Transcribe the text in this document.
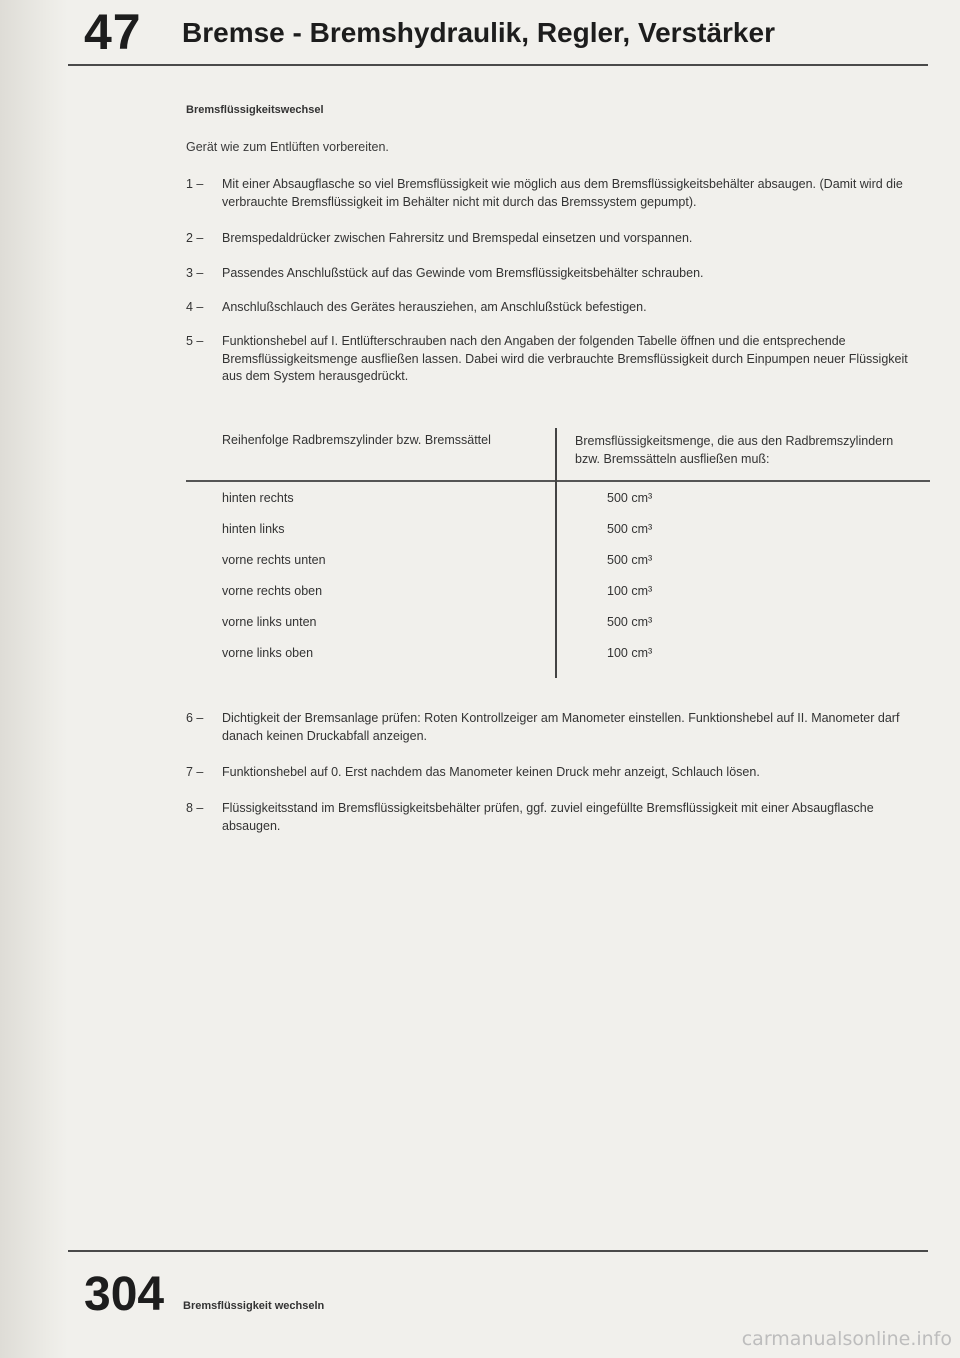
47 Bremse - Bremshydraulik, Regler, Verstärker
Bremsflüssigkeitswechsel
Gerät wie zum Entlüften vorbereiten.
1 –	Mit einer Absaugflasche so viel Bremsflüssigkeit wie möglich aus dem Bremsflüssigkeitsbehälter absaugen. (Damit wird die verbrauchte Bremsflüssigkeit im Behälter nicht mit durch das Bremssystem gepumpt).
2 –	Bremspedaldrücker zwischen Fahrersitz und Bremspedal einsetzen und vorspannen.
3 –	Passendes Anschlußstück auf das Gewinde vom Bremsflüssigkeitsbehälter schrauben.
4 –	Anschlußschlauch des Gerätes herausziehen, am Anschlußstück befestigen.
5 –	Funktionshebel auf I. Entlüfterschrauben nach den Angaben der folgenden Tabelle öffnen und die entsprechende Bremsflüssigkeitsmenge ausfließen lassen. Dabei wird die verbrauchte Bremsflüssigkeit durch Einpumpen neuer Flüssigkeit aus dem System herausgedrückt.
6 –	Dichtigkeit der Bremsanlage prüfen: Roten Kontrollzeiger am Manometer einstellen. Funktionshebel auf II. Manometer darf danach keinen Druckabfall anzeigen.
7 –	Funktionshebel auf 0. Erst nachdem das Manometer keinen Druck mehr anzeigt, Schlauch lösen.
8 –	Flüssigkeitsstand im Bremsflüssigkeitsbehälter prüfen, ggf. zuviel eingefüllte Bremsflüssigkeit mit einer Absaugflasche absaugen.
Reihenfolge Radbremszylinder bzw. Bremssättel	Bremsflüssigkeitsmenge, die aus den Radbremszylindern bzw. Bremssätteln ausfließen muß:
hinten rechts	500 cm³
hinten links	500 cm³
vorne rechts unten	500 cm³
vorne rechts oben	100 cm³
vorne links unten	500 cm³
vorne links oben	100 cm³
304 Bremsflüssigkeit wechseln
carmanualsonline.info
